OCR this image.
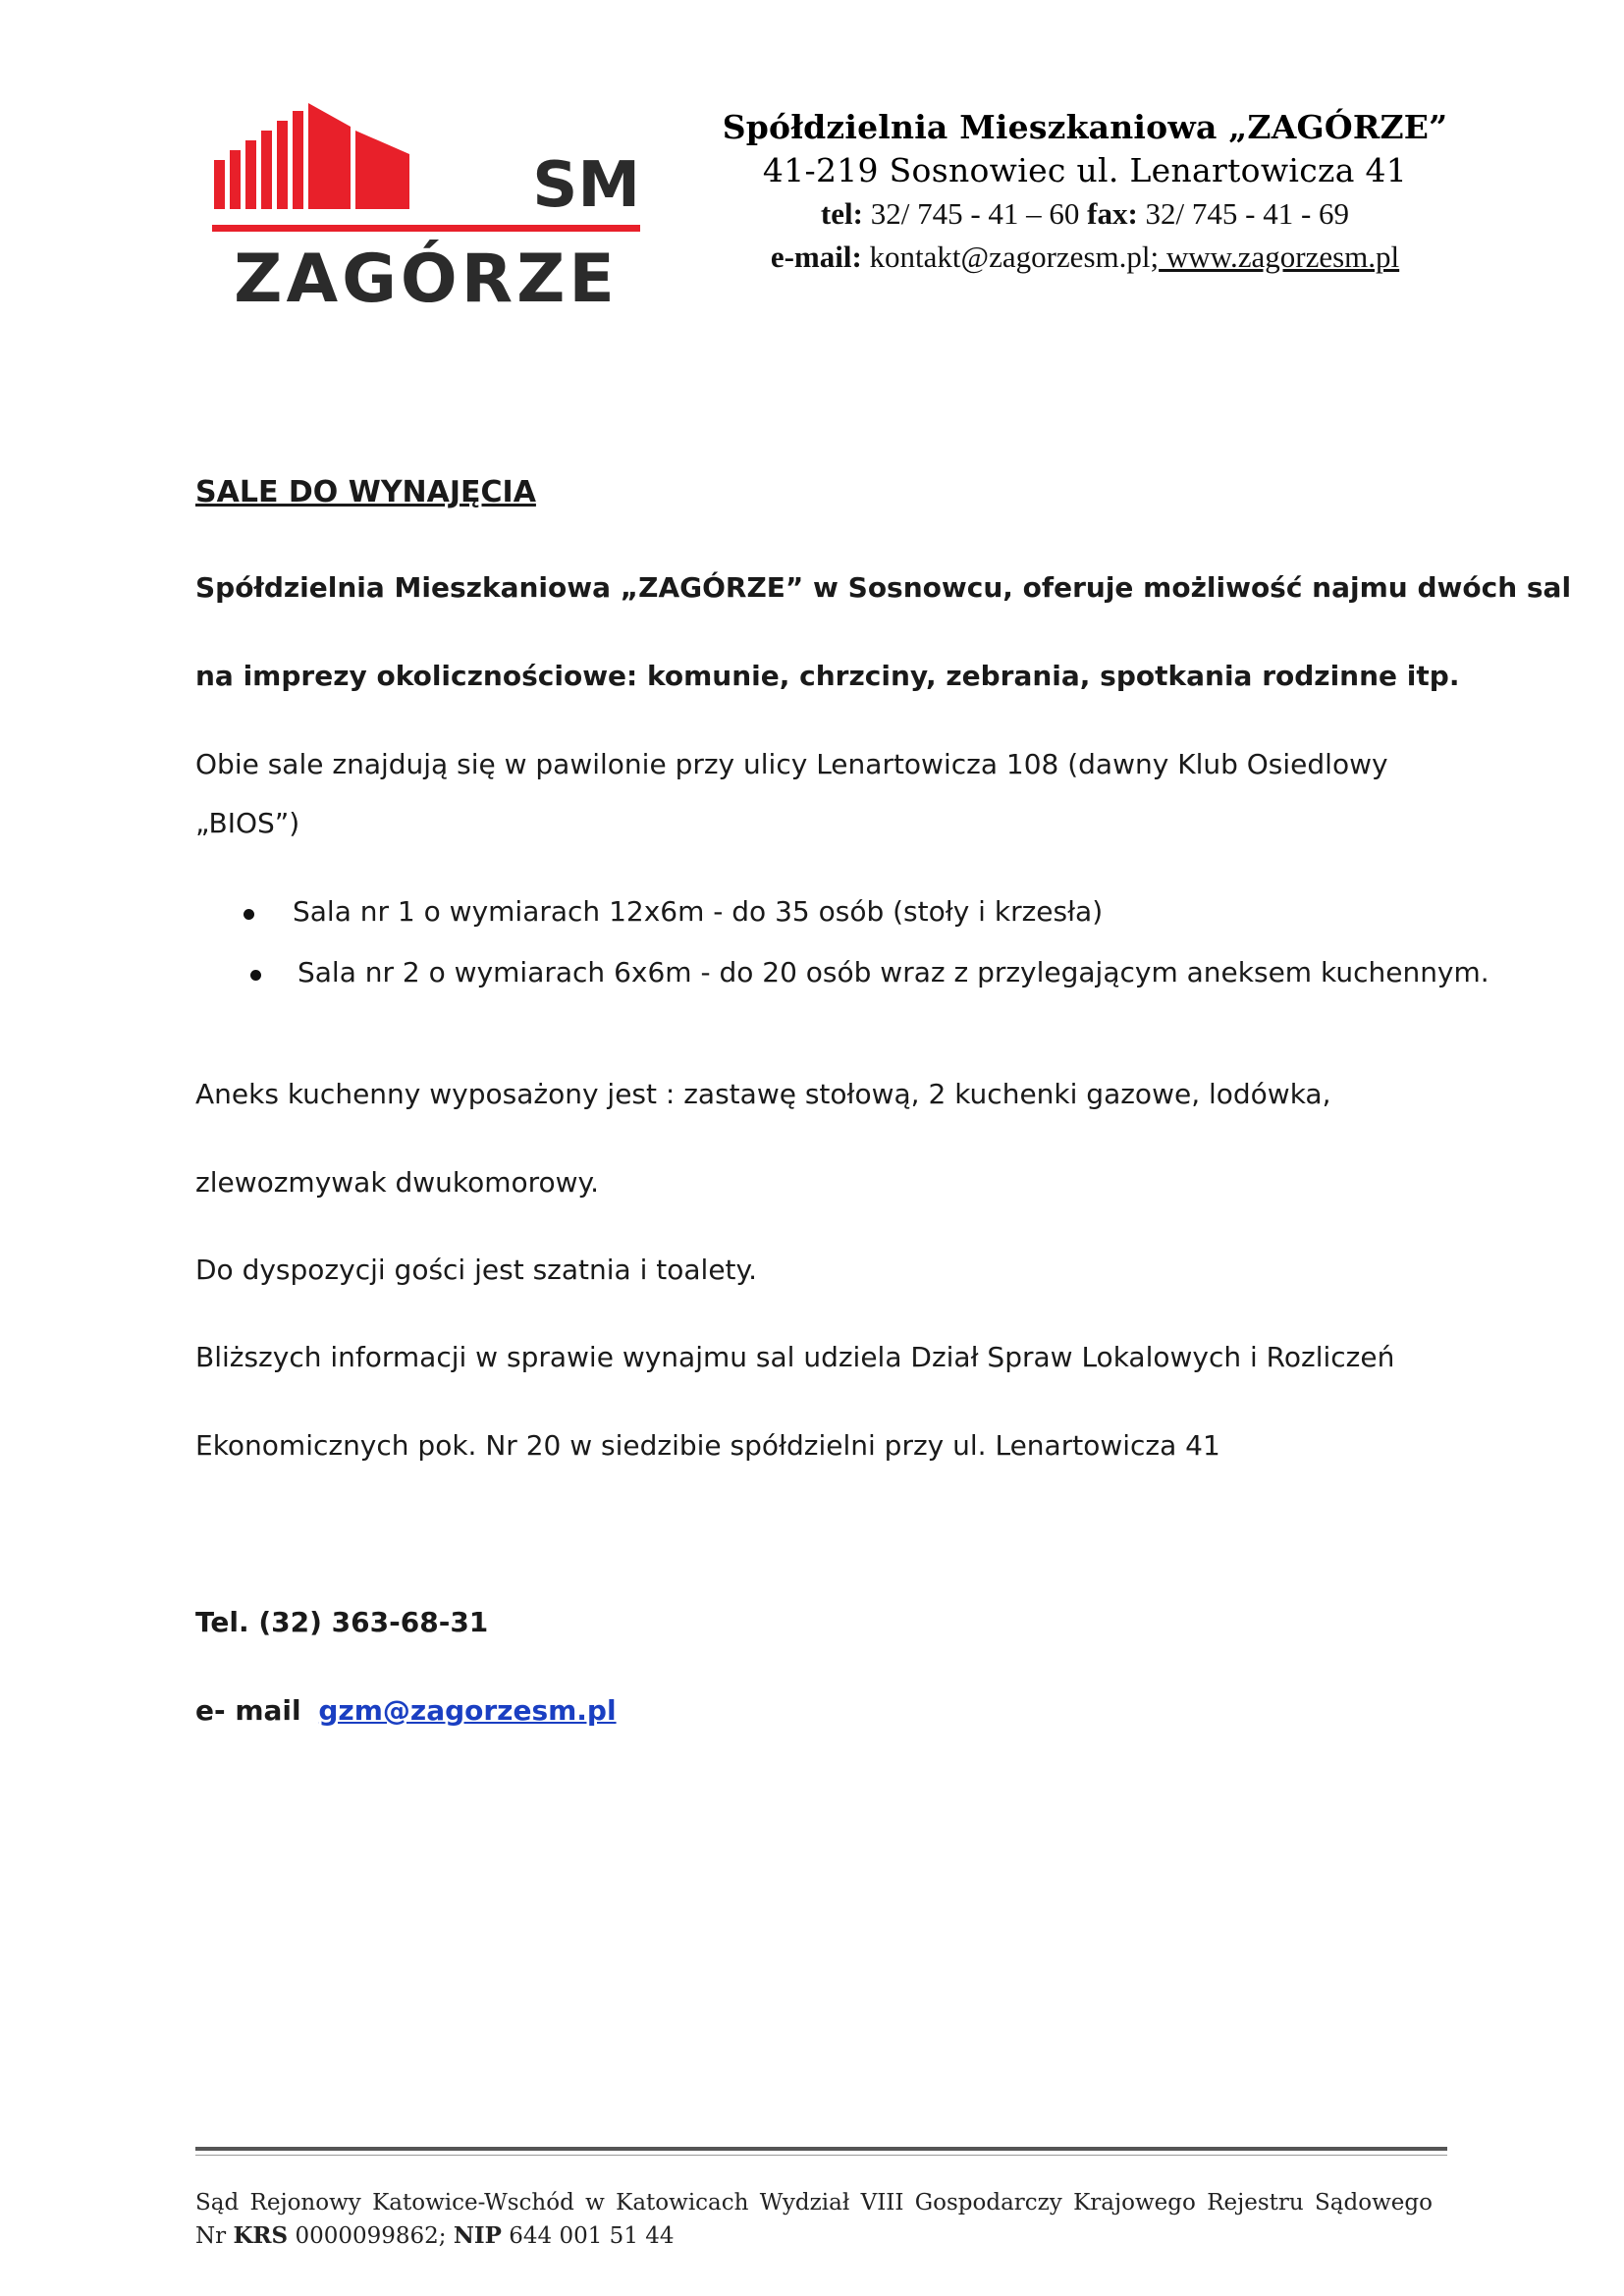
SM
ZAGÓRZE
Spółdzielnia Mieszkaniowa „ZAGÓRZE”
41-219 Sosnowiec ul. Lenartowicza 41
tel: 32/ 745 - 41 – 60 fax: 32/ 745 - 41 - 69
e-mail: kontakt@zagorzesm.pl; www.zagorzesm.pl
SALE DO WYNAJĘCIA
Spółdzielnia Mieszkaniowa „ZAGÓRZE” w Sosnowcu, oferuje możliwość najmu dwóch sal
na imprezy okolicznościowe: komunie, chrzciny, zebrania, spotkania rodzinne itp.
Obie sale znajdują się w pawilonie przy ulicy Lenartowicza 108 (dawny Klub Osiedlowy
„BIOS”)
Sala nr 1 o wymiarach 12x6m - do 35 osób (stoły i krzesła)
Sala nr 2 o wymiarach 6x6m - do 20 osób wraz z przylegającym aneksem kuchennym.
Aneks kuchenny wyposażony jest : zastawę stołową, 2 kuchenki gazowe, lodówka,
zlewozmywak dwukomorowy.
Do dyspozycji gości jest szatnia i toalety.
Bliższych informacji w sprawie wynajmu sal udziela Dział Spraw Lokalowych i Rozliczeń
Ekonomicznych pok. Nr 20 w siedzibie spółdzielni przy ul. Lenartowicza 41
Tel. (32) 363-68-31
e- mail gzm@zagorzesm.pl
Sąd Rejonowy Katowice-Wschód w Katowicach Wydział VIII Gospodarczy Krajowego Rejestru Sądowego
Nr KRS 0000099862; NIP 644 001 51 44
